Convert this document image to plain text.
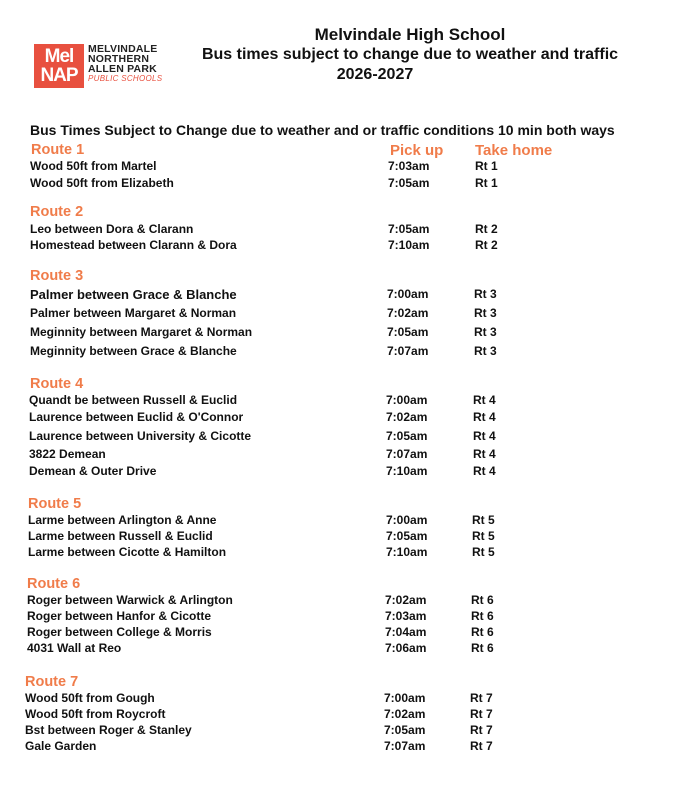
Mel
NAP
MELVINDALE
NORTHERN
ALLEN PARK
PUBLIC SCHOOLS
Melvindale High School
Bus times subject to change due to weather and traffic
2026-2027
Bus Times Subject to Change due to weather and or traffic conditions 10 min both ways
Pick up Take home
Route 1
Wood 50ft from Martel	7:03am	Rt 1
Wood 50ft from Elizabeth	7:05am	Rt 1
Route 2
Leo between Dora & Clarann	7:05am	Rt 2
Homestead between Clarann & Dora	7:10am	Rt 2
Route 3
Palmer between Grace & Blanche	7:00am	Rt 3
Palmer between Margaret & Norman	7:02am	Rt 3
Meginnity between Margaret & Norman	7:05am	Rt 3
Meginnity between Grace & Blanche	7:07am	Rt 3
Route 4
Quandt be between Russell & Euclid	7:00am	Rt 4
Laurence between Euclid & O'Connor	7:02am	Rt 4
Laurence between University & Cicotte	7:05am	Rt 4
3822 Demean	7:07am	Rt 4
Demean & Outer Drive	7:10am	Rt 4
Route 5
Larme between Arlington & Anne	7:00am	Rt 5
Larme between Russell & Euclid	7:05am	Rt 5
Larme between Cicotte & Hamilton	7:10am	Rt 5
Route 6
Roger between Warwick & Arlington	7:02am	Rt 6
Roger between Hanfor & Cicotte	7:03am	Rt 6
Roger between College & Morris	7:04am	Rt 6
4031 Wall at Reo	7:06am	Rt 6
Route 7
Wood 50ft from Gough	7:00am	Rt 7
Wood 50ft from Roycroft	7:02am	Rt 7
Bst between Roger & Stanley	7:05am	Rt 7
Gale Garden	7:07am	Rt 7
